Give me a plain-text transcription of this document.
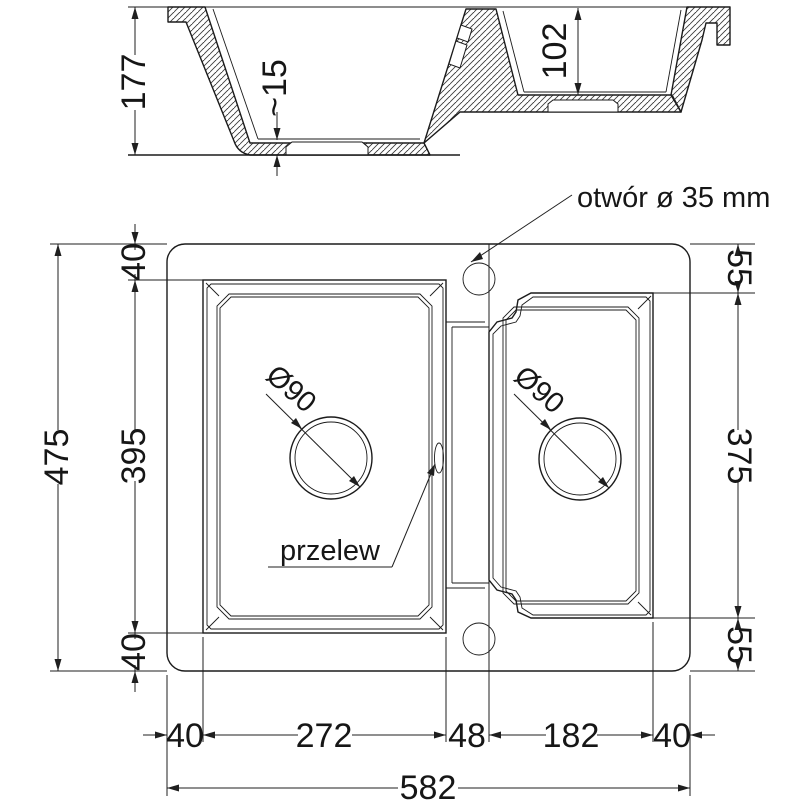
177	~15
102
Ø90	Ø90
otwór ø 35 mm
przelew
475
40
395
40
55
375
55
40	272	48 182 40
582
